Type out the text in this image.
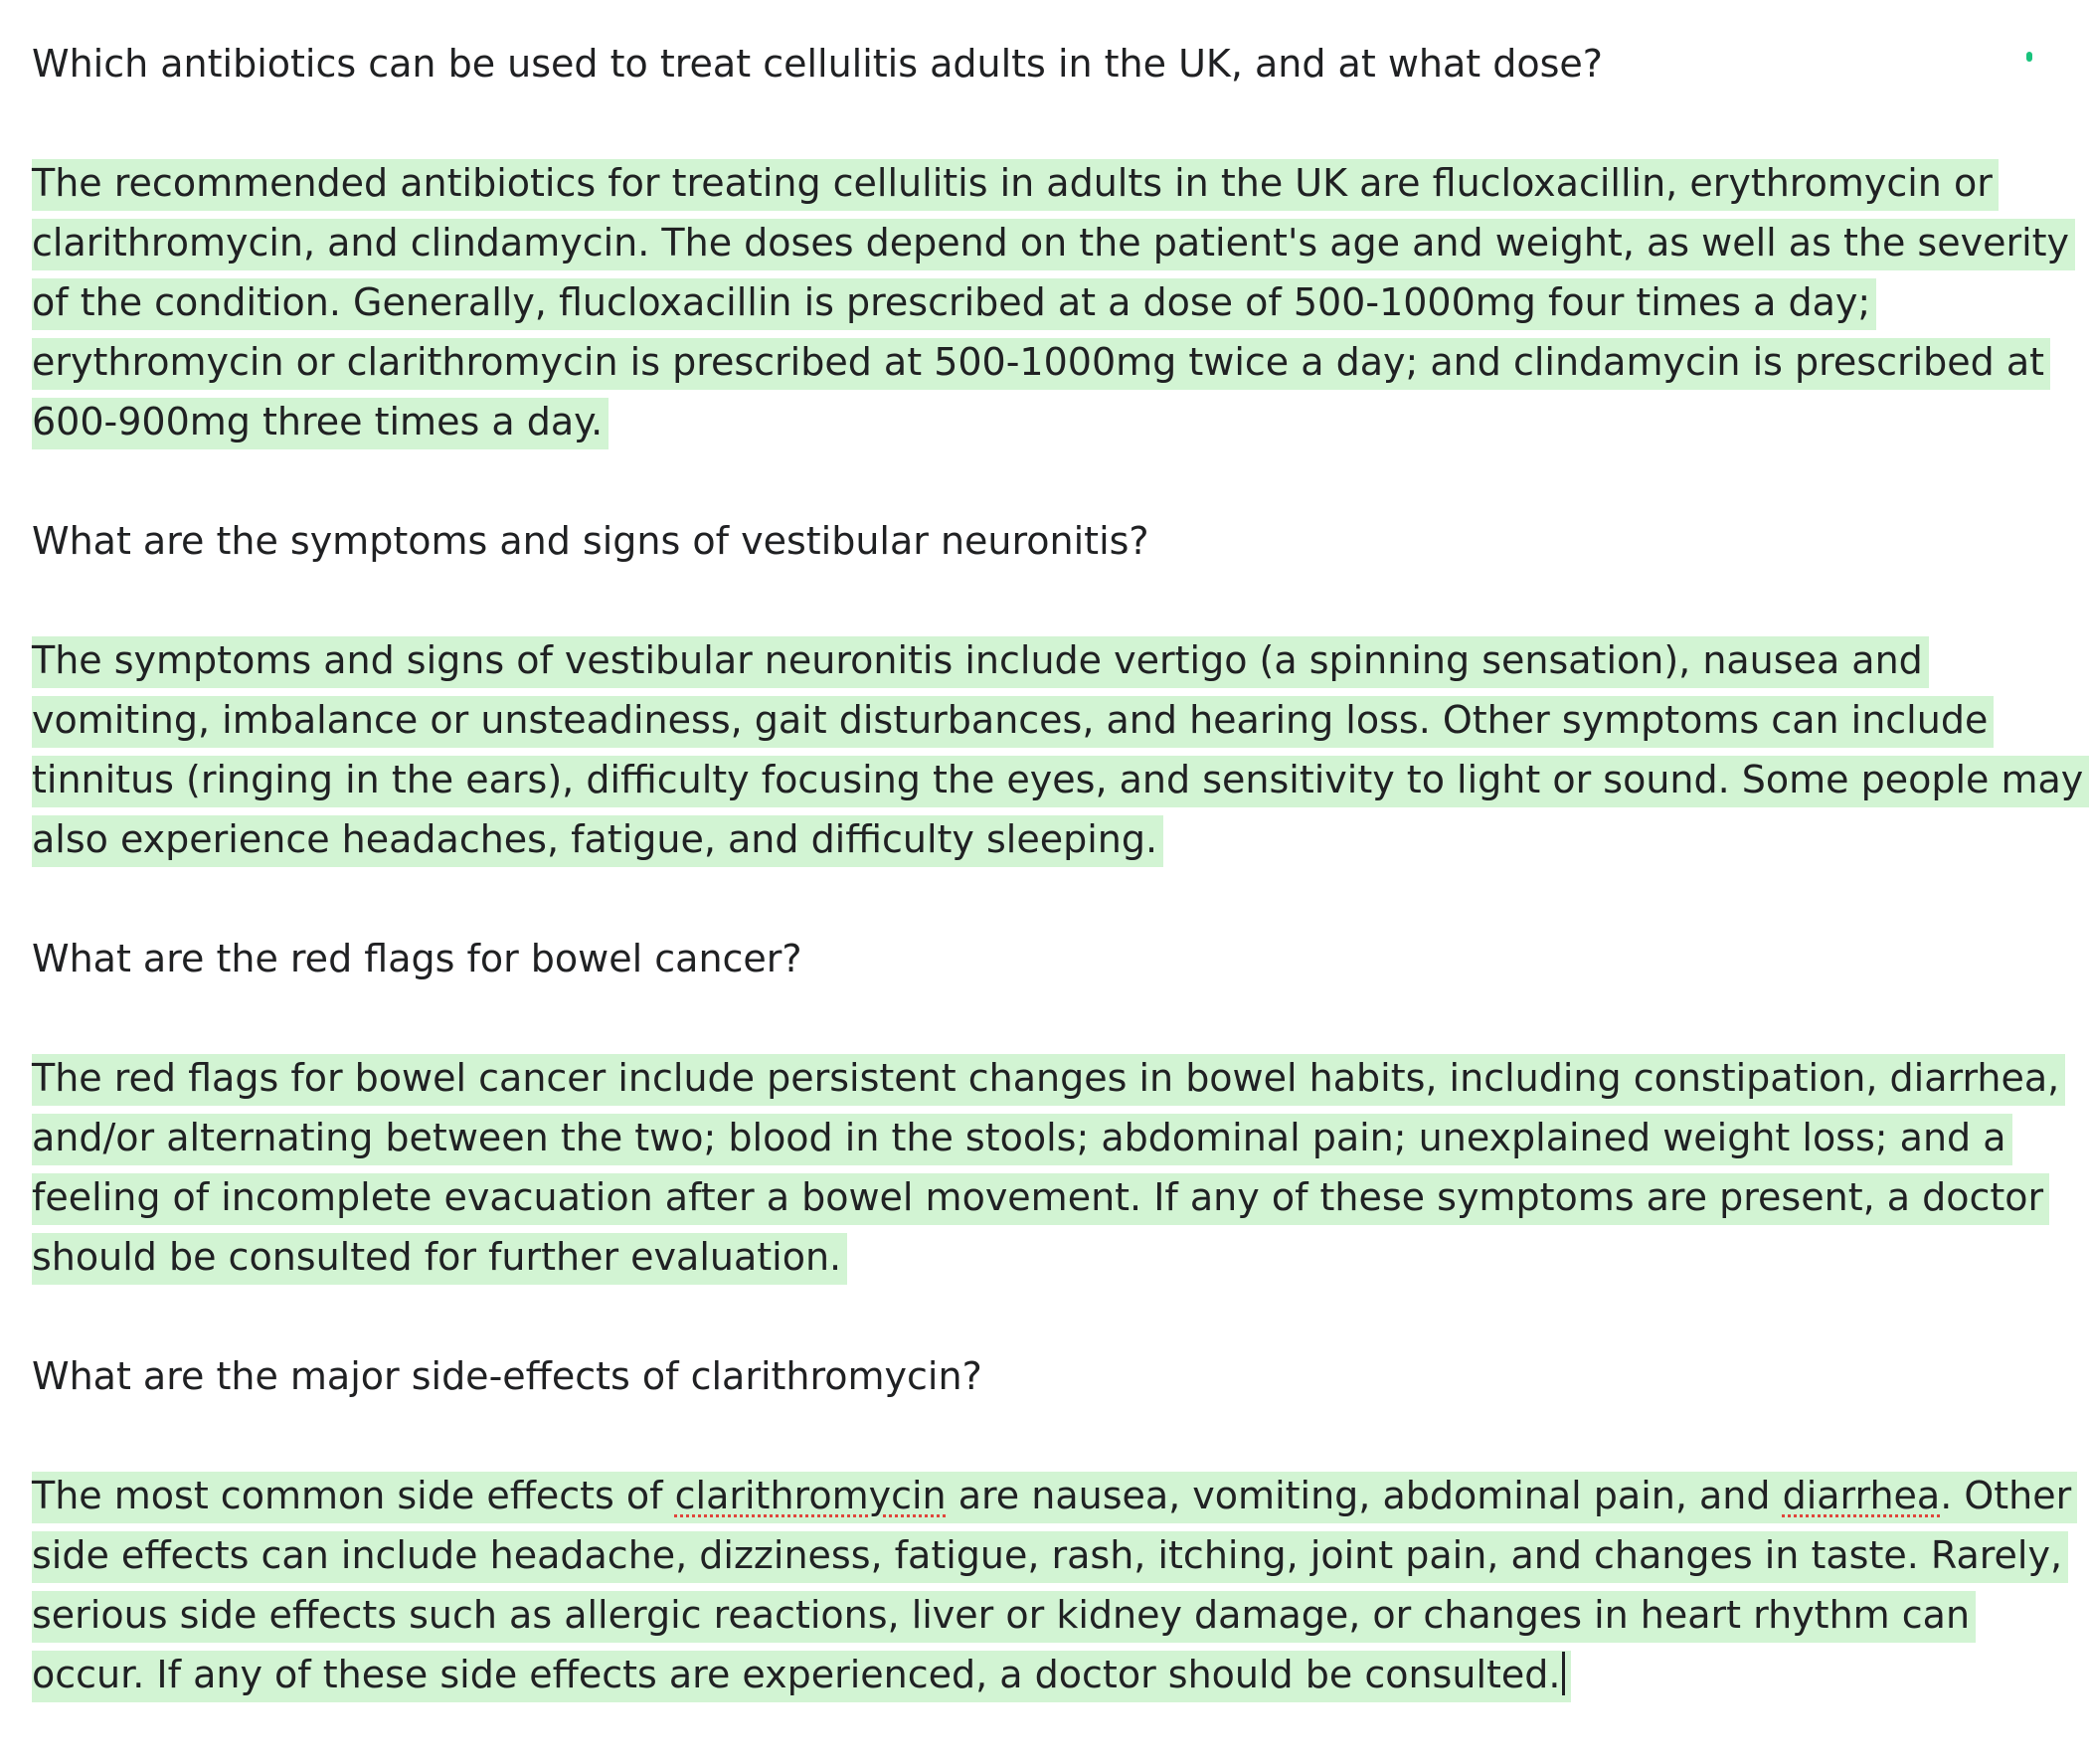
Which antibiotics can be used to treat cellulitis adults in the UK, and at what dose?
The recommended antibiotics for treating cellulitis in adults in the UK are flucloxacillin, erythromycin or
clarithromycin, and clindamycin. The doses depend on the patient's age and weight, as well as the severity
of the condition. Generally, flucloxacillin is prescribed at a dose of 500-1000mg four times a day;
erythromycin or clarithromycin is prescribed at 500-1000mg twice a day; and clindamycin is prescribed at
600-900mg three times a day.
What are the symptoms and signs of vestibular neuronitis?
The symptoms and signs of vestibular neuronitis include vertigo (a spinning sensation), nausea and
vomiting, imbalance or unsteadiness, gait disturbances, and hearing loss. Other symptoms can include
tinnitus (ringing in the ears), difficulty focusing the eyes, and sensitivity to light or sound. Some people may
also experience headaches, fatigue, and difficulty sleeping.
What are the red flags for bowel cancer?
The red flags for bowel cancer include persistent changes in bowel habits, including constipation, diarrhea,
and/or alternating between the two; blood in the stools; abdominal pain; unexplained weight loss; and a
feeling of incomplete evacuation after a bowel movement. If any of these symptoms are present, a doctor
should be consulted for further evaluation.
What are the major side-effects of clarithromycin?
The most common side effects of clarithromycin are nausea, vomiting, abdominal pain, and diarrhea. Other
side effects can include headache, dizziness, fatigue, rash, itching, joint pain, and changes in taste. Rarely,
serious side effects such as allergic reactions, liver or kidney damage, or changes in heart rhythm can
occur. If any of these side effects are experienced, a doctor should be consulted.
